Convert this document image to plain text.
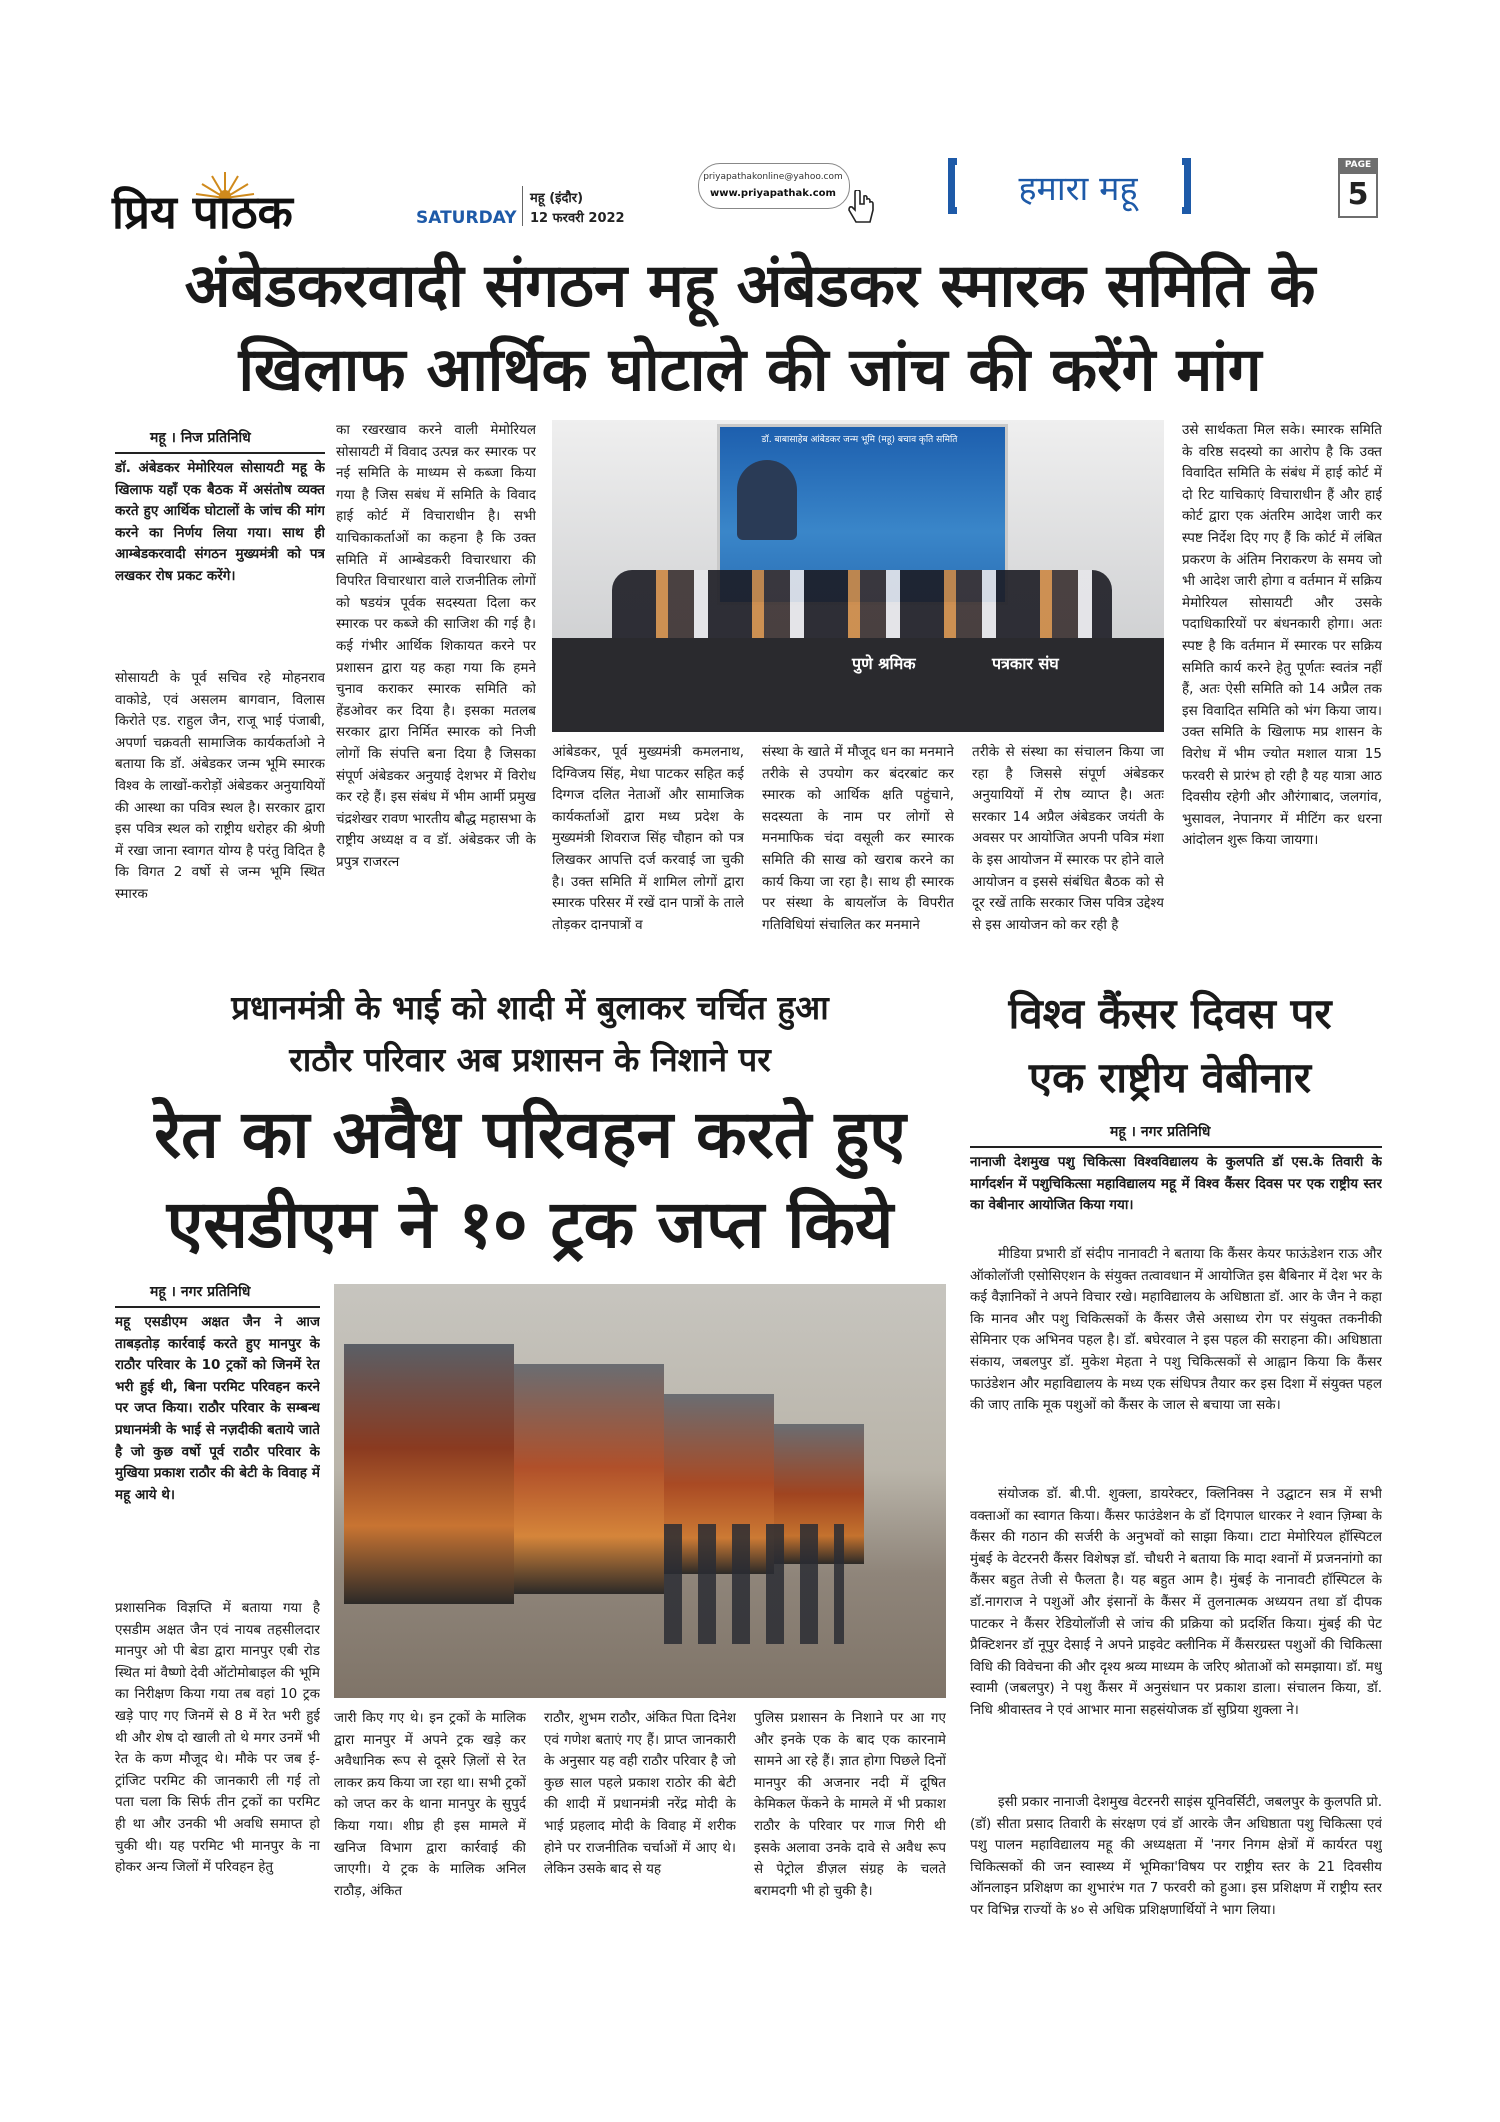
प्रिय पाठक	SATURDAY
महू (इंदौर)
12 फरवरी 2022
priyapathakonline@yahoo.com
www.priyapathak.com	हमारा महू
PAGE
5
अंबेडकरवादी संगठन महू अंबेडकर स्मारक समिति के
खिलाफ आर्थिक घोटाले की जांच की करेंगे मांग
महू । निज प्रतिनिधि

डॉ. अंबेडकर मेमोरियल सोसायटी महू के खिलाफ यहाँ एक बैठक में असंतोष व्यक्त करते हुए आर्थिक घोटालों के जांच की मांग करने का निर्णय लिया गया। साथ ही आम्बेडकरवादी संगठन मुख्यमंत्री को पत्र लखकर रोष प्रकट करेंगे।

सोसायटी के पूर्व सचिव रहे मोहनराव वाकोडे, एवं असलम बागवान, विलास किरोते एड. राहुल जैन, राजू भाई पंजाबी, अपर्णा चक्रवती सामाजिक कार्यकर्ताओ ने बताया कि डॉ. अंबेडकर जन्म भूमि स्मारक विश्व के लाखों-करोड़ों अंबेडकर अनुयायियों की आस्था का पवित्र स्थल है। सरकार द्वारा इस पवित्र स्थल को राष्ट्रीय धरोहर की श्रेणी में रखा जाना स्वागत योग्य है परंतु विदित है कि विगत 2 वर्षो से जन्म भूमि स्थित स्मारक

का रखरखाव करने वाली मेमोरियल सोसायटी में विवाद उत्पन्न कर स्मारक पर नई समिति के माध्यम से कब्जा किया गया है जिस सबंध में समिति के विवाद हाई कोर्ट में विचाराधीन है। सभी याचिकाकर्ताओं का कहना है कि उक्त समिति में आम्बेडकरी विचारधारा की विपरित विचारधारा वाले राजनीतिक लोगों को षडयंत्र पूर्वक सदस्यता दिला कर स्मारक पर कब्जे की साजिश की गई है। कई गंभीर आर्थिक शिकायत करने पर प्रशासन द्वारा यह कहा गया कि हमने चुनाव कराकर स्मारक समिति को हेंडओवर कर दिया है। इसका मतलब सरकार द्वारा निर्मित स्मारक को निजी लोगों कि संपत्ति बना दिया है जिसका संपूर्ण अंबेडकर अनुयाई देशभर में विरोध कर रहे हैं। इस संबंध में भीम आर्मी प्रमुख चंद्रशेखर रावण भारतीय बौद्ध महासभा के राष्ट्रीय अध्यक्ष व व डॉ. अंबेडकर जी के प्रपुत्र राजरत्न

डॉ. बाबासाहेब आंबेडकर जन्म भूमि (महू) बचाव कृति समिति
पुणे श्रमिक	पत्रकार संघ

आंबेडकर, पूर्व मुख्यमंत्री कमलनाथ, दिग्विजय सिंह, मेधा पाटकर सहित कई दिग्गज दलित नेताओं और सामाजिक कार्यकर्ताओं द्वारा मध्य प्रदेश के मुख्यमंत्री शिवराज सिंह चौहान को पत्र लिखकर आपत्ति दर्ज करवाई जा चुकी है। उक्त समिति में शामिल लोगों द्वारा स्मारक परिसर में रखें दान पात्रों के ताले तोड़कर दानपात्रों व

संस्था के खाते में मौजूद धन का मनमाने तरीके से उपयोग कर बंदरबांट कर स्मारक को आर्थिक क्षति पहुंचाने, सदस्यता के नाम पर लोगों से मनमाफिक चंदा वसूली कर स्मारक समिति की साख को खराब करने का कार्य किया जा रहा है। साथ ही स्मारक पर संस्था के बायलॉज के विपरीत गतिविधियां संचालित कर मनमाने

तरीके से संस्था का संचालन किया जा रहा है जिससे संपूर्ण अंबेडकर अनुयायियों में रोष व्याप्त है। अतः सरकार 14 अप्रैल अंबेडकर जयंती के अवसर पर आयोजित अपनी पवित्र मंशा के इस आयोजन में स्मारक पर होने वाले आयोजन व इससे संबंधित बैठक को से दूर रखें ताकि सरकार जिस पवित्र उद्देश्य से इस आयोजन को कर रही है

उसे सार्थकता मिल सके। स्मारक समिति के वरिष्ठ सदस्यो का आरोप है कि उक्त विवादित समिति के संबंध में हाई कोर्ट में दो रिट याचिकाएं विचाराधीन हैं और हाई कोर्ट द्वारा एक अंतरिम आदेश जारी कर स्पष्ट निर्देश दिए गए हैं कि कोर्ट में लंबित प्रकरण के अंतिम निराकरण के समय जो भी आदेश जारी होगा व वर्तमान में सक्रिय मेमोरियल सोसायटी और उसके पदाधिकारियों पर बंधनकारी होगा। अतः स्पष्ट है कि वर्तमान में स्मारक पर सक्रिय समिति कार्य करने हेतु पूर्णतः स्वतंत्र नहीं हैं, अतः ऐसी समिति को 14 अप्रैल तक इस विवादित समिति को भंग किया जाय। उक्त समिति के खिलाफ मप्र शासन के विरोध में भीम ज्योत मशाल यात्रा 15 फरवरी से प्रारंभ हो रही है यह यात्रा आठ दिवसीय रहेगी और औरंगाबाद, जलगांव, भुसावल, नेपानगर में मीटिंग कर धरना आंदोलन शुरू किया जायगा।

प्रधानमंत्री के भाई को शादी में बुलाकर चर्चित हुआ
राठौर परिवार अब प्रशासन के निशाने पर
रेत का अवैध परिवहन करते हुए
एसडीएम ने १० ट्रक जप्त किये
महू । नगर प्रतिनिधि

महू एसडीएम अक्षत जैन ने आज ताबड़तोड़ कार्रवाई करते हुए मानपुर के राठौर परिवार के 10 ट्रकों को जिनमें रेत भरी हुई थी, बिना परमिट परिवहन करने पर जप्त किया। राठौर परिवार के सम्बन्ध प्रधानमंत्री के भाई से नज़दीकी बताये जाते है जो कुछ वर्षो पूर्व राठौर परिवार के मुखिया प्रकाश राठौर की बेटी के विवाह में महू आये थे।

प्रशासनिक विज्ञप्ति में बताया गया है एसडीम अक्षत जैन एवं नायब तहसीलदार मानपुर ओ पी बेडा द्वारा मानपुर एबी रोड स्थित मां वैष्णो देवी ऑटोमोबाइल की भूमि का निरीक्षण किया गया तब वहां 10 ट्रक खड़े पाए गए जिनमें से 8 में रेत भरी हुई थी और शेष दो खाली तो थे मगर उनमें भी रेत के कण मौजूद थे। मौके पर जब ई- ट्रांजिट परमिट की जानकारी ली गई तो पता चला कि सिर्फ तीन ट्रकों का परमिट ही था और उनकी भी अवधि समाप्त हो चुकी थी। यह परमिट भी मानपुर के ना होकर अन्य जिलों में परिवहन हेतु

जारी किए गए थे। इन ट्रकों के मालिक द्वारा मानपुर में अपने ट्रक खड़े कर अवैधानिक रूप से दूसरे ज़िलों से रेत लाकर क्रय किया जा रहा था। सभी ट्रकों को जप्त कर के थाना मानपुर के सुपुर्द किया गया। शीघ्र ही इस मामले में खनिज विभाग द्वारा कार्रवाई की जाएगी। ये ट्रक के मालिक अनिल राठौड़, अंकित

राठौर, शुभम राठौर, अंकित पिता दिनेश एवं गणेश बताएं गए हैं। प्राप्त जानकारी के अनुसार यह वही राठौर परिवार है जो कुछ साल पहले प्रकाश राठोर की बेटी की शादी में प्रधानमंत्री नरेंद्र मोदी के भाई प्रहलाद मोदी के विवाह में शरीक होने पर राजनीतिक चर्चाओं में आए थे। लेकिन उसके बाद से यह

पुलिस प्रशासन के निशाने पर आ गए और इनके एक के बाद एक कारनामे सामने आ रहे हैं। ज्ञात होगा पिछले दिनों मानपुर की अजनार नदी में दूषित केमिकल फेंकने के मामले में भी प्रकाश राठौर के परिवार पर गाज गिरी थी इसके अलावा उनके दावे से अवैध रूप से पेट्रोल डीज़ल संग्रह के चलते बरामदगी भी हो चुकी है।

विश्व कैंसर दिवस पर
एक राष्ट्रीय वेबीनार
महू । नगर प्रतिनिधि

नानाजी देशमुख पशु चिकित्सा विश्वविद्यालय के कुलपति डॉ एस.के तिवारी के मार्गदर्शन में पशुचिकित्सा महाविद्यालय महू में विश्व कैंसर दिवस पर एक राष्ट्रीय स्तर का वेबीनार आयोजित किया गया।

मीडिया प्रभारी डॉ संदीप नानावटी ने बताया कि कैंसर केयर फाऊंडेशन राऊ और ऑकोलॉजी एसोसिएशन के संयुक्त तत्वावधान में आयोजित इस बैबिनार में देश भर के कई वैज्ञानिकों ने अपने विचार रखे। महाविद्यालय के अधिष्ठाता डॉ. आर के जैन ने कहा कि मानव और पशु चिकित्सकों के कैंसर जैसे असाध्य रोग पर संयुक्त तकनीकी सेमिनार एक अभिनव पहल है। डॉ. बघेरवाल ने इस पहल की सराहना की। अधिष्ठाता संकाय, जबलपुर डॉ. मुकेश मेहता ने पशु चिकित्सकों से आह्वान किया कि कैंसर फाउंडेशन और महाविद्यालय के मध्य एक संधिपत्र तैयार कर इस दिशा में संयुक्त पहल की जाए ताकि मूक पशुओं को कैंसर के जाल से बचाया जा सके।

संयोजक डॉ. बी.पी. शुक्ला, डायरेक्टर, क्लिनिक्स ने उद्घाटन सत्र में सभी वक्ताओं का स्वागत किया। कैंसर फाउंडेशन के डॉ दिगपाल धारकर ने श्वान ज़िम्बा के कैंसर की गठान की सर्जरी के अनुभवों को साझा किया। टाटा मेमोरियल हॉस्पिटल मुंबई के वेटरनरी कैंसर विशेषज्ञ डॉ. चौधरी ने बताया कि मादा श्वानों में प्रजननांगो का कैंसर बहुत तेजी से फैलता है। यह बहुत आम है। मुंबई के नानावटी हॉस्पिटल के डॉ.नागराज ने पशुओं और इंसानों के कैंसर में तुलनात्मक अध्ययन तथा डॉ दीपक पाटकर ने कैंसर रेडियोलॉजी से जांच की प्रक्रिया को प्रदर्शित किया। मुंबई की पेट प्रैक्टिशनर डॉ नूपुर देसाई ने अपने प्राइवेट क्लीनिक में कैंसरग्रस्त पशुओं की चिकित्सा विधि की विवेचना की और दृश्य श्रव्य माध्यम के जरिए श्रोताओं को समझाया। डॉ. मधु स्वामी (जबलपुर) ने पशु कैंसर में अनुसंधान पर प्रकाश डाला। संचालन किया, डॉ. निधि श्रीवास्तव ने एवं आभार माना सहसंयोजक डॉ सुप्रिया शुक्ला ने।

इसी प्रकार नानाजी देशमुख वेटरनरी साइंस यूनिवर्सिटी, जबलपुर के कुलपति प्रो. (डॉ) सीता प्रसाद तिवारी के संरक्षण एवं डॉ आरके जैन अधिष्ठाता पशु चिकित्सा एवं पशु पालन महाविद्यालय महू की अध्यक्षता में 'नगर निगम क्षेत्रों में कार्यरत पशु चिकित्सकों की जन स्वास्थ्य में भूमिका'विषय पर राष्ट्रीय स्तर के 21 दिवसीय ऑनलाइन प्रशिक्षण का शुभारंभ गत 7 फरवरी को हुआ। इस प्रशिक्षण में राष्ट्रीय स्तर पर विभिन्न राज्यों के ४० से अधिक प्रशिक्षणार्थियों ने भाग लिया।
